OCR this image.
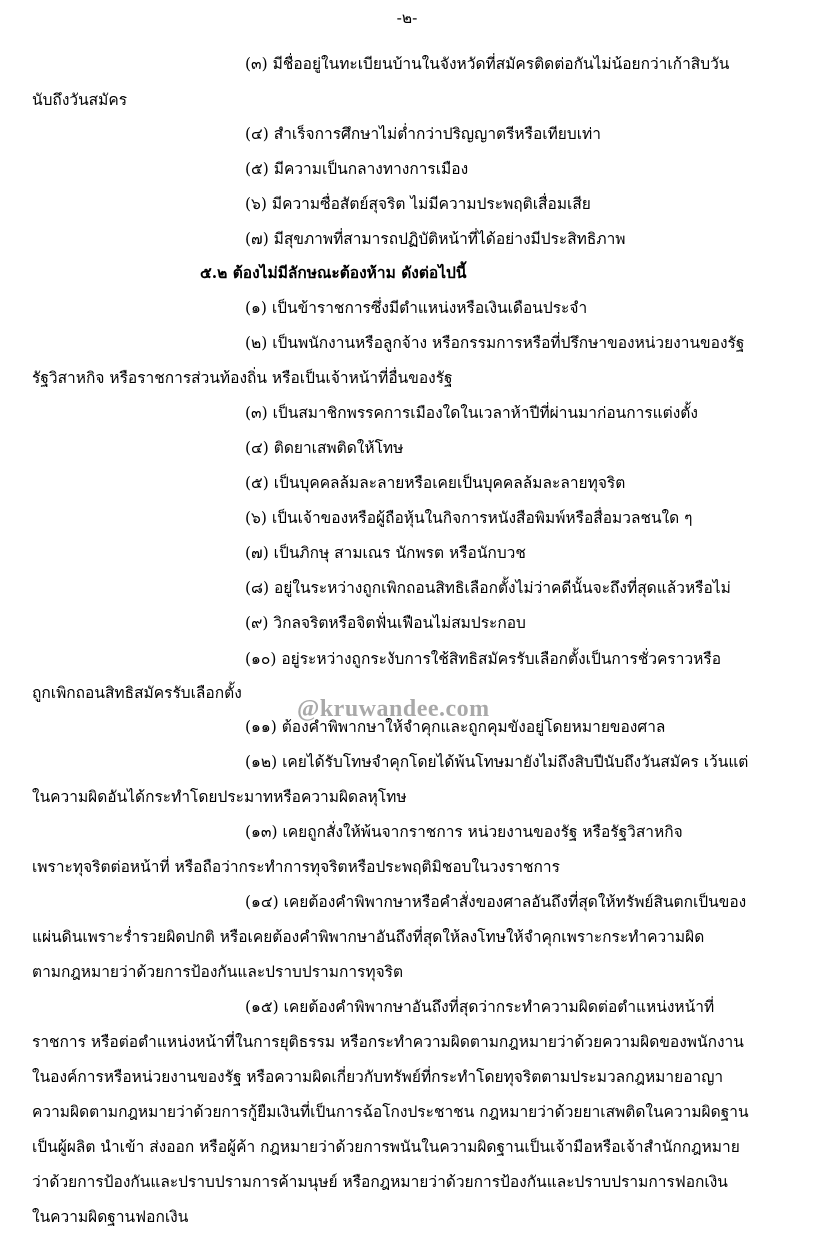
-๒-
(๓) มีชื่ออยู่ในทะเบียนบ้านในจังหวัดที่สมัครติดต่อกันไม่น้อยกว่าเก้าสิบวัน
นับถึงวันสมัคร
(๔) สำเร็จการศึกษาไม่ต่ำกว่าปริญญาตรีหรือเทียบเท่า
(๕) มีความเป็นกลางทางการเมือง
(๖) มีความซื่อสัตย์สุจริต ไม่มีความประพฤติเสื่อมเสีย
(๗) มีสุขภาพที่สามารถปฏิบัติหน้าที่ได้อย่างมีประสิทธิภาพ
๕.๒ ต้องไม่มีลักษณะต้องห้าม ดังต่อไปนี้
(๑) เป็นข้าราชการซึ่งมีตำแหน่งหรือเงินเดือนประจำ
(๒) เป็นพนักงานหรือลูกจ้าง หรือกรรมการหรือที่ปรึกษาของหน่วยงานของรัฐ
รัฐวิสาหกิจ หรือราชการส่วนท้องถิ่น หรือเป็นเจ้าหน้าที่อื่นของรัฐ
(๓) เป็นสมาชิกพรรคการเมืองใดในเวลาห้าปีที่ผ่านมาก่อนการแต่งตั้ง
(๔) ติดยาเสพติดให้โทษ
(๕) เป็นบุคคลล้มละลายหรือเคยเป็นบุคคลล้มละลายทุจริต
(๖) เป็นเจ้าของหรือผู้ถือหุ้นในกิจการหนังสือพิมพ์หรือสื่อมวลชนใด ๆ
(๗) เป็นภิกษุ สามเณร นักพรต หรือนักบวช
(๘) อยู่ในระหว่างถูกเพิกถอนสิทธิเลือกตั้งไม่ว่าคดีนั้นจะถึงที่สุดแล้วหรือไม่
(๙) วิกลจริตหรือจิตฟั่นเฟือนไม่สมประกอบ
(๑๐) อยู่ระหว่างถูกระงับการใช้สิทธิสมัครรับเลือกตั้งเป็นการชั่วคราวหรือ
ถูกเพิกถอนสิทธิสมัครรับเลือกตั้ง
(๑๑) ต้องคำพิพากษาให้จำคุกและถูกคุมขังอยู่โดยหมายของศาล
(๑๒) เคยได้รับโทษจำคุกโดยได้พ้นโทษมายังไม่ถึงสิบปีนับถึงวันสมัคร เว้นแต่
ในความผิดอันได้กระทำโดยประมาทหรือความผิดลหุโทษ
(๑๓) เคยถูกสั่งให้พ้นจากราชการ หน่วยงานของรัฐ หรือรัฐวิสาหกิจ
เพราะทุจริตต่อหน้าที่ หรือถือว่ากระทำการทุจริตหรือประพฤติมิชอบในวงราชการ
(๑๔) เคยต้องคำพิพากษาหรือคำสั่งของศาลอันถึงที่สุดให้ทรัพย์สินตกเป็นของ
แผ่นดินเพราะร่ำรวยผิดปกติ หรือเคยต้องคำพิพากษาอันถึงที่สุดให้ลงโทษให้จำคุกเพราะกระทำความผิด
ตามกฎหมายว่าด้วยการป้องกันและปราบปรามการทุจริต
(๑๕) เคยต้องคำพิพากษาอันถึงที่สุดว่ากระทำความผิดต่อตำแหน่งหน้าที่
ราชการ หรือต่อตำแหน่งหน้าที่ในการยุติธรรม หรือกระทำความผิดตามกฎหมายว่าด้วยความผิดของพนักงาน
ในองค์การหรือหน่วยงานของรัฐ หรือความผิดเกี่ยวกับทรัพย์ที่กระทำโดยทุจริตตามประมวลกฎหมายอาญา
ความผิดตามกฎหมายว่าด้วยการกู้ยืมเงินที่เป็นการฉ้อโกงประชาชน กฎหมายว่าด้วยยาเสพติดในความผิดฐาน
เป็นผู้ผลิต นำเข้า ส่งออก หรือผู้ค้า กฎหมายว่าด้วยการพนันในความผิดฐานเป็นเจ้ามือหรือเจ้าสำนักกฎหมาย
ว่าด้วยการป้องกันและปราบปรามการค้ามนุษย์ หรือกฎหมายว่าด้วยการป้องกันและปราบปรามการฟอกเงิน
ในความผิดฐานฟอกเงิน
@kruwandee.com
